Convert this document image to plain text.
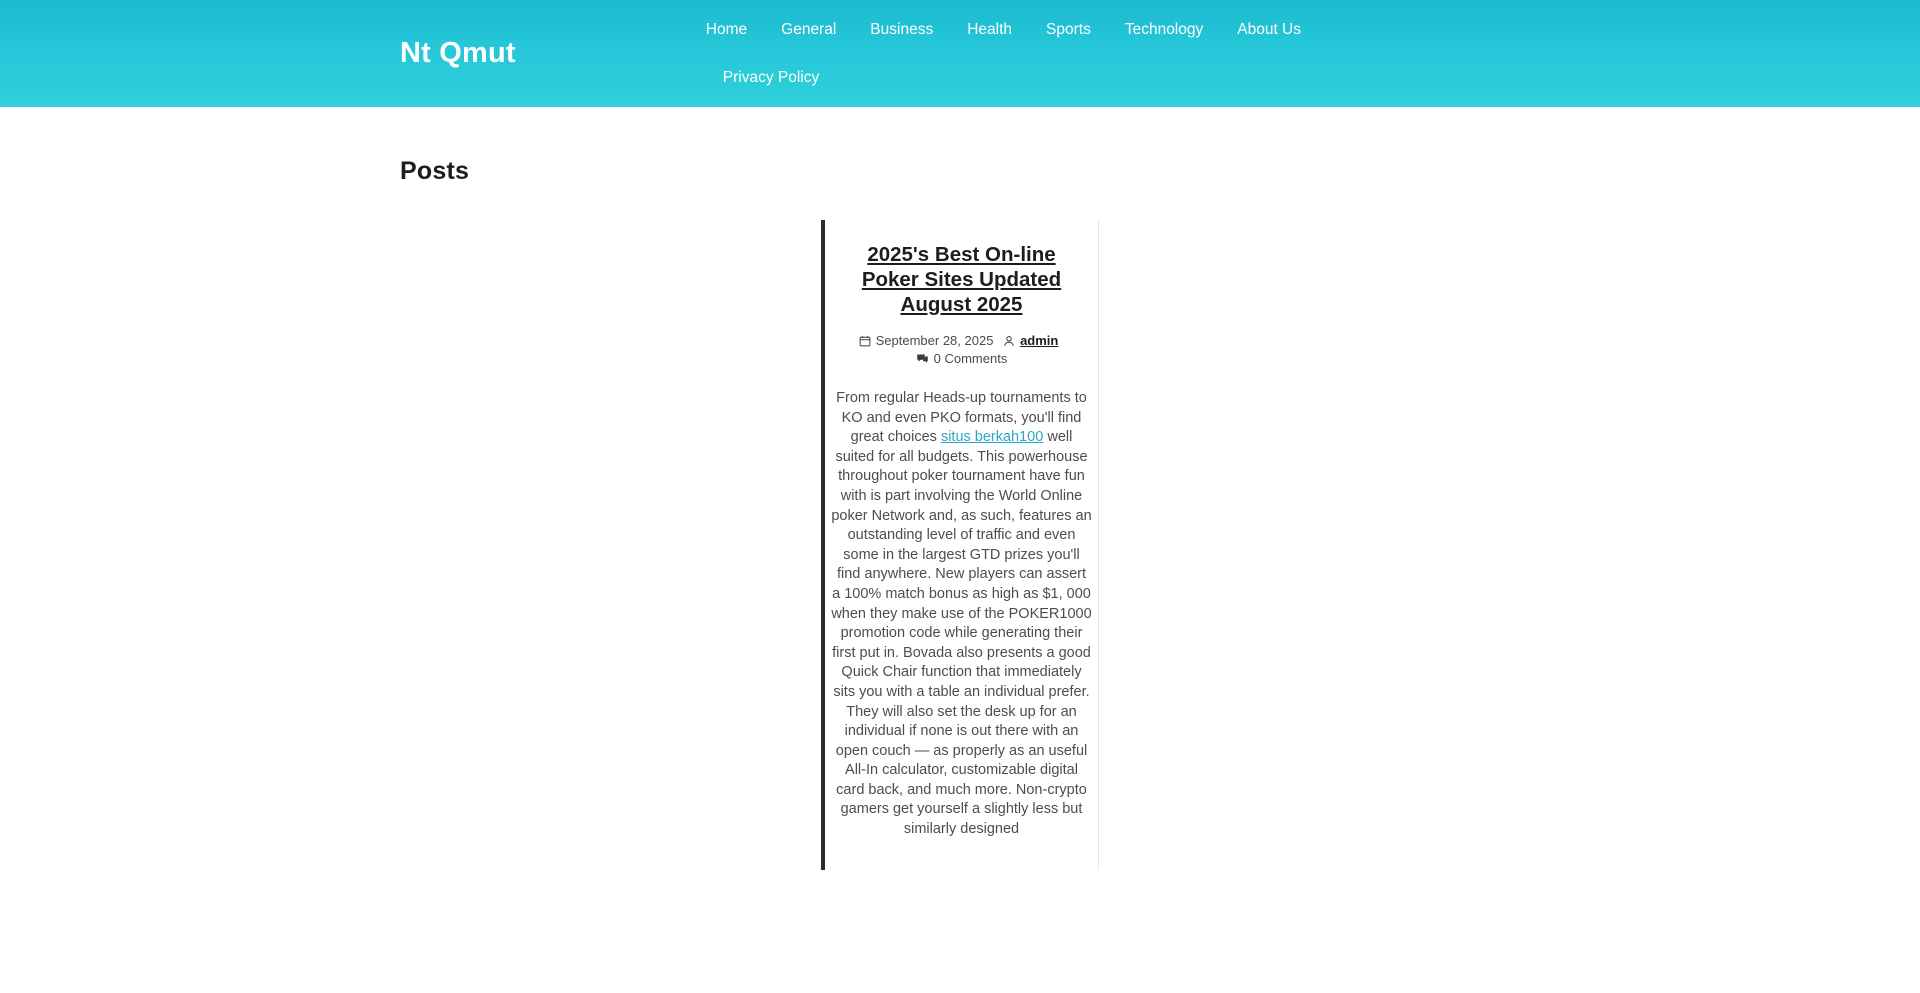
Nt Qmut
Home	General	Business	Health	Sports	Technology	About Us
Privacy Policy
Posts
2025's Best On-line Poker Sites Updated August 2025
September 28, 2025 admin 0 Comments
From regular Heads-up tournaments to KO and even PKO formats, you'll find great choices situs berkah100 well suited for all budgets. This powerhouse throughout poker tournament have fun with is part involving the World Online poker Network and, as such, features an outstanding level of traffic and even some in the largest GTD prizes you'll find anywhere. New players can assert a 100% match bonus as high as $1, 000 when they make use of the POKER1000 promotion code while generating their first put in. Bovada also presents a good Quick Chair function that immediately sits you with a table an individual prefer. They will also set the desk up for an individual if none is out there with an open couch — as properly as an useful All-In calculator, customizable digital card back, and much more. Non-crypto gamers get yourself a slightly less but similarly designed
